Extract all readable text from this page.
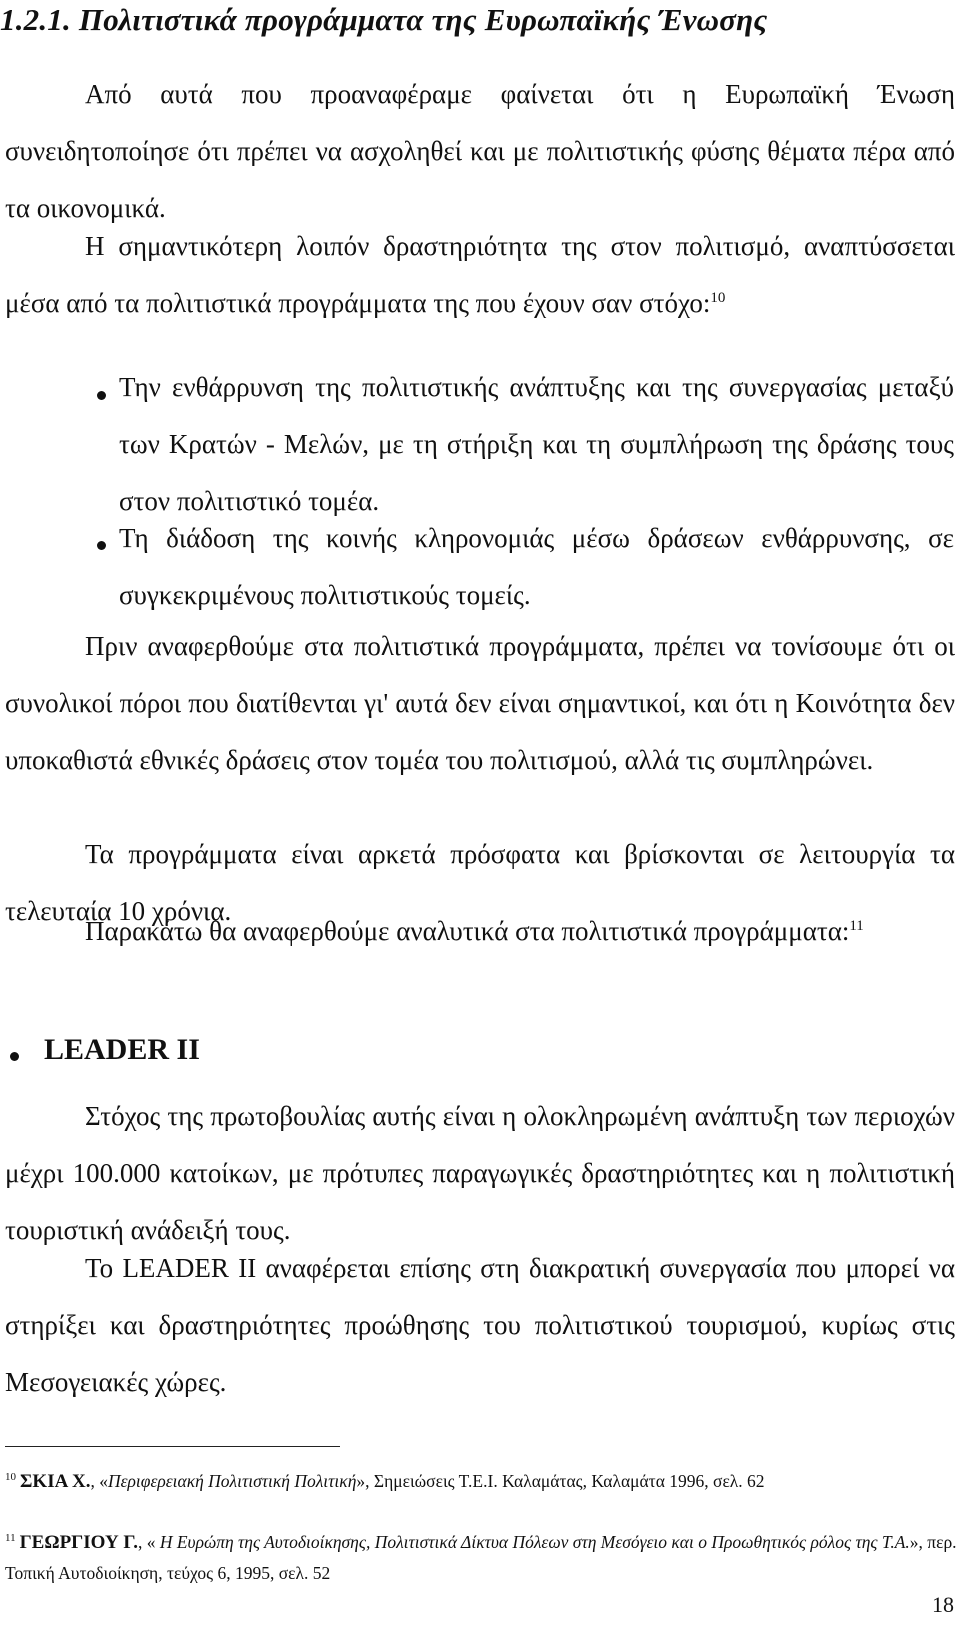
1.2.1. Πολιτιστικά προγράμματα της Ευρωπαϊκής Ένωσης

Από αυτά που προαναφέραμε φαίνεται ότι η Ευρωπαϊκή Ένωση συνειδητοποίησε ότι πρέπει να ασχοληθεί και με πολιτιστικής φύσης θέματα πέρα από τα οικονομικά.

Η σημαντικότερη λοιπόν δραστηριότητα της στον πολιτισμό, αναπτύσσεται μέσα από τα πολιτιστικά προγράμματα της που έχουν σαν στόχο:$^{10}$

Την ενθάρρυνση της πολιτιστικής ανάπτυξης και της συνεργασίας μεταξύ των Κρατών - Μελών, με τη στήριξη και τη συμπλήρωση της δράσης τους στον πολιτιστικό τομέα.

Τη διάδοση της κοινής κληρονομιάς μέσω δράσεων ενθάρρυνσης, σε συγκεκριμένους πολιτιστικούς τομείς.

Πριν αναφερθούμε στα πολιτιστικά προγράμματα, πρέπει να τονίσουμε ότι οι συνολικοί πόροι που διατίθενται γι' αυτά δεν είναι σημαντικοί, και ότι η Κοινότητα δεν υποκαθιστά εθνικές δράσεις στον τομέα του πολιτισμού, αλλά τις συμπληρώνει.

Τα προγράμματα είναι αρκετά πρόσφατα και βρίσκονται σε λειτουργία τα τελευταία 10 χρόνια.

Παρακάτω θα αναφερθούμε αναλυτικά στα πολιτιστικά προγράμματα:$^{11}$

LEADER II

Στόχος της πρωτοβουλίας αυτής είναι η ολοκληρωμένη ανάπτυξη των περιοχών μέχρι 100.000 κατοίκων, με πρότυπες παραγωγικές δραστηριότητες και η πολιτιστική τουριστική ανάδειξή τους.

Το LEADER II αναφέρεται επίσης στη διακρατική συνεργασία που μπορεί να στηρίξει και δραστηριότητες προώθησης του πολιτιστικού τουρισμού, κυρίως στις Μεσογειακές χώρες.

$^{10}$ ΣΚΙΑ Χ., «Περιφερειακή Πολιτιστική Πολιτική», Σημειώσεις Τ.Ε.Ι. Καλαμάτας, Καλαμάτα 1996, σελ. 62

$^{11}$ ΓΕΩΡΓΙΟΥ Γ., « Η Ευρώπη της Αυτοδιοίκησης, Πολιτιστικά Δίκτυα Πόλεων στη Μεσόγειο και ο Προωθητικός ρόλος της Τ.Α.», περ. Τοπική Αυτοδιοίκηση, τεύχος 6, 1995, σελ. 52

18
